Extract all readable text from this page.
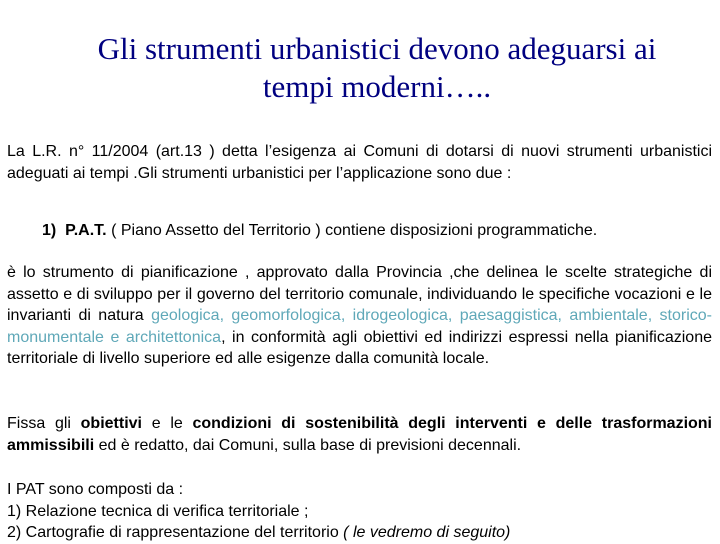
Gli strumenti urbanistici devono adeguarsi ai
tempi moderni…..

La L.R. n° 11/2004 (art.13 ) detta l’esigenza ai Comuni di dotarsi di nuovi strumenti urbanistici adeguati ai tempi .Gli strumenti urbanistici per l’applicazione sono due :

1) P.A.T. ( Piano Assetto del Territorio ) contiene disposizioni programmatiche.

è lo strumento di pianificazione , approvato dalla Provincia ,che delinea le scelte strategiche di assetto e di sviluppo per il governo del territorio comunale, individuando le specifiche vocazioni e le invarianti di natura geologica, geomorfologica, idrogeologica, paesaggistica, ambientale, storico-monumentale e architettonica, in conformità agli obiettivi ed indirizzi espressi nella pianificazione territoriale di livello superiore ed alle esigenze dalla comunità locale.

Fissa gli obiettivi e le condizioni di sostenibilità degli interventi e delle trasformazioni ammissibili ed è redatto, dai Comuni, sulla base di previsioni decennali.

I PAT sono composti da :
1) Relazione tecnica di verifica territoriale ;
2) Cartografie di rappresentazione del territorio ( le vedremo di seguito)
